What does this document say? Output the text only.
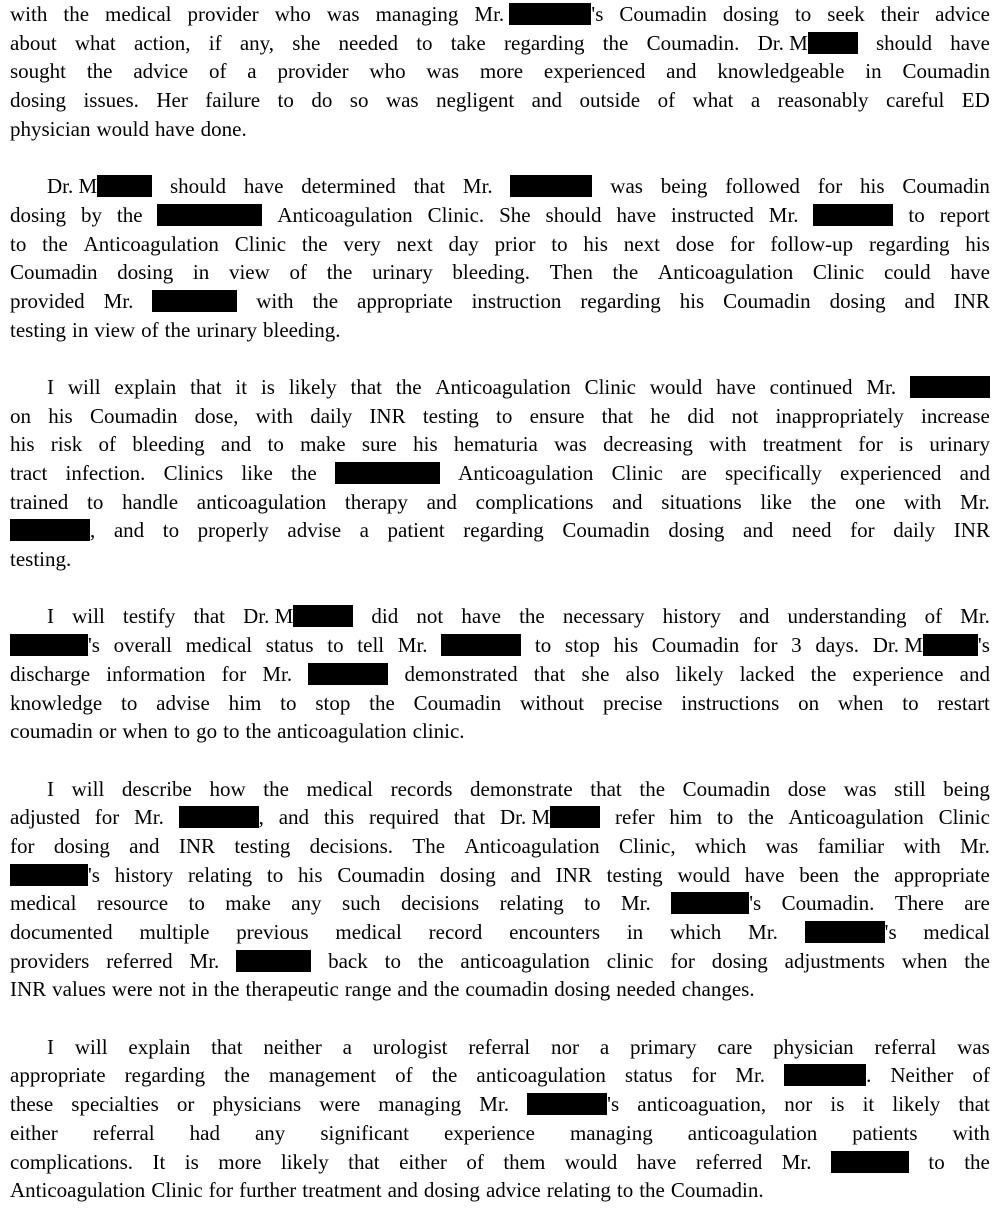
with the medical provider who was managing Mr.	's Coumadin dosing to seek their advice
about what action, if any, she needed to take regarding the Coumadin. Dr. M	should have
sought the advice of a provider who was more experienced and knowledgeable in Coumadin
dosing issues. Her failure to do so was negligent and outside of what a reasonably careful ED
physician would have done.
Dr. M	should have determined that Mr.	was being followed for his Coumadin
dosing by the	Anticoagulation Clinic. She should have instructed Mr.	to report
to the Anticoagulation Clinic the very next day prior to his next dose for follow-up regarding his
Coumadin dosing in view of the urinary bleeding. Then the Anticoagulation Clinic could have
provided Mr.	with the appropriate instruction regarding his Coumadin dosing and INR
testing in view of the urinary bleeding.
I will explain that it is likely that the Anticoagulation Clinic would have continued Mr.
on his Coumadin dose, with daily INR testing to ensure that he did not inappropriately increase
his risk of bleeding and to make sure his hematuria was decreasing with treatment for is urinary
tract infection. Clinics like the	Anticoagulation Clinic are specifically experienced and
trained to handle anticoagulation therapy and complications and situations like the one with Mr.
, and to properly advise a patient regarding Coumadin dosing and need for daily INR
testing.
I will testify that Dr. M	did not have the necessary history and understanding of Mr.
's overall medical status to tell Mr.	to stop his Coumadin for 3 days. Dr. M	's
discharge information for Mr.	demonstrated that she also likely lacked the experience and
knowledge to advise him to stop the Coumadin without precise instructions on when to restart
coumadin or when to go to the anticoagulation clinic.
I will describe how the medical records demonstrate that the Coumadin dose was still being
adjusted for Mr.	, and this required that Dr. M	refer him to the Anticoagulation Clinic
for dosing and INR testing decisions. The Anticoagulation Clinic, which was familiar with Mr.
's history relating to his Coumadin dosing and INR testing would have been the appropriate
medical resource to make any such decisions relating to Mr.	's Coumadin. There are
documented multiple previous medical record encounters in which Mr.	's medical
providers referred Mr.	back to the anticoagulation clinic for dosing adjustments when the
INR values were not in the therapeutic range and the coumadin dosing needed changes.
I will explain that neither a urologist referral nor a primary care physician referral was
appropriate regarding the management of the anticoagulation status for Mr.	. Neither of
these specialties or physicians were managing Mr.	's anticoaguation, nor is it likely that
either referral had any significant experience managing anticoagulation patients with
complications. It is more likely that either of them would have referred Mr.	to the
Anticoagulation Clinic for further treatment and dosing advice relating to the Coumadin.
